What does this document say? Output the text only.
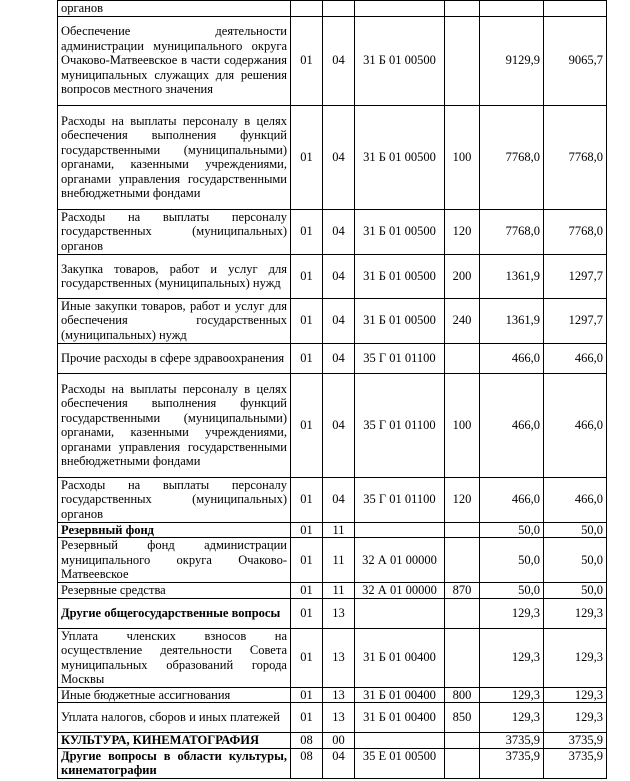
органов						
Обеспечение деятельности администрации муниципального округа Очаково-Матвеевское в части содержания муниципальных служащих для решения вопросов местного значения	01	04	31 Б 01 00500		9129,9	9065,7
Расходы на выплаты персоналу в целях обеспечения выполнения функций государственными (муниципальными) органами, казенными учреждениями, органами управления государственными внебюджетными фондами	01	04	31 Б 01 00500	100	7768,0	7768,0
Расходы на выплаты персоналу государственных (муниципальных) органов	01	04	31 Б 01 00500	120	7768,0	7768,0
Закупка товаров, работ и услуг для государственных (муниципальных) нужд	01	04	31 Б 01 00500	200	1361,9	1297,7
Иные закупки товаров, работ и услуг для обеспечения государственных (муниципальных) нужд	01	04	31 Б 01 00500	240	1361,9	1297,7
Прочие расходы в сфере здравоохранения	01	04	35 Г 01 01100		466,0	466,0
Расходы на выплаты персоналу в целях обеспечения выполнения функций государственными (муниципальными) органами, казенными учреждениями, органами управления государственными внебюджетными фондами	01	04	35 Г 01 01100	100	466,0	466,0
Расходы на выплаты персоналу государственных (муниципальных) органов	01	04	35 Г 01 01100	120	466,0	466,0
Резервный фонд	01	11			50,0	50,0
Резервный фонд администрации муниципального округа Очаково-Матвеевское	01	11	32 А 01 00000		50,0	50,0
Резервные средства	01	11	32 А 01 00000	870	50,0	50,0
Другие общегосударственные вопросы	01	13			129,3	129,3
Уплата членских взносов на осуществление деятельности Совета муниципальных образований города Москвы	01	13	31 Б 01 00400		129,3	129,3
Иные бюджетные ассигнования	01	13	31 Б 01 00400	800	129,3	129,3
Уплата налогов, сборов и иных платежей	01	13	31 Б 01 00400	850	129,3	129,3
КУЛЬТУРА, КИНЕМАТОГРАФИЯ	08	00			3735,9	3735,9
Другие вопросы в области культуры, кинематографии	08	04	35 Е 01 00500		3735,9	3735,9
